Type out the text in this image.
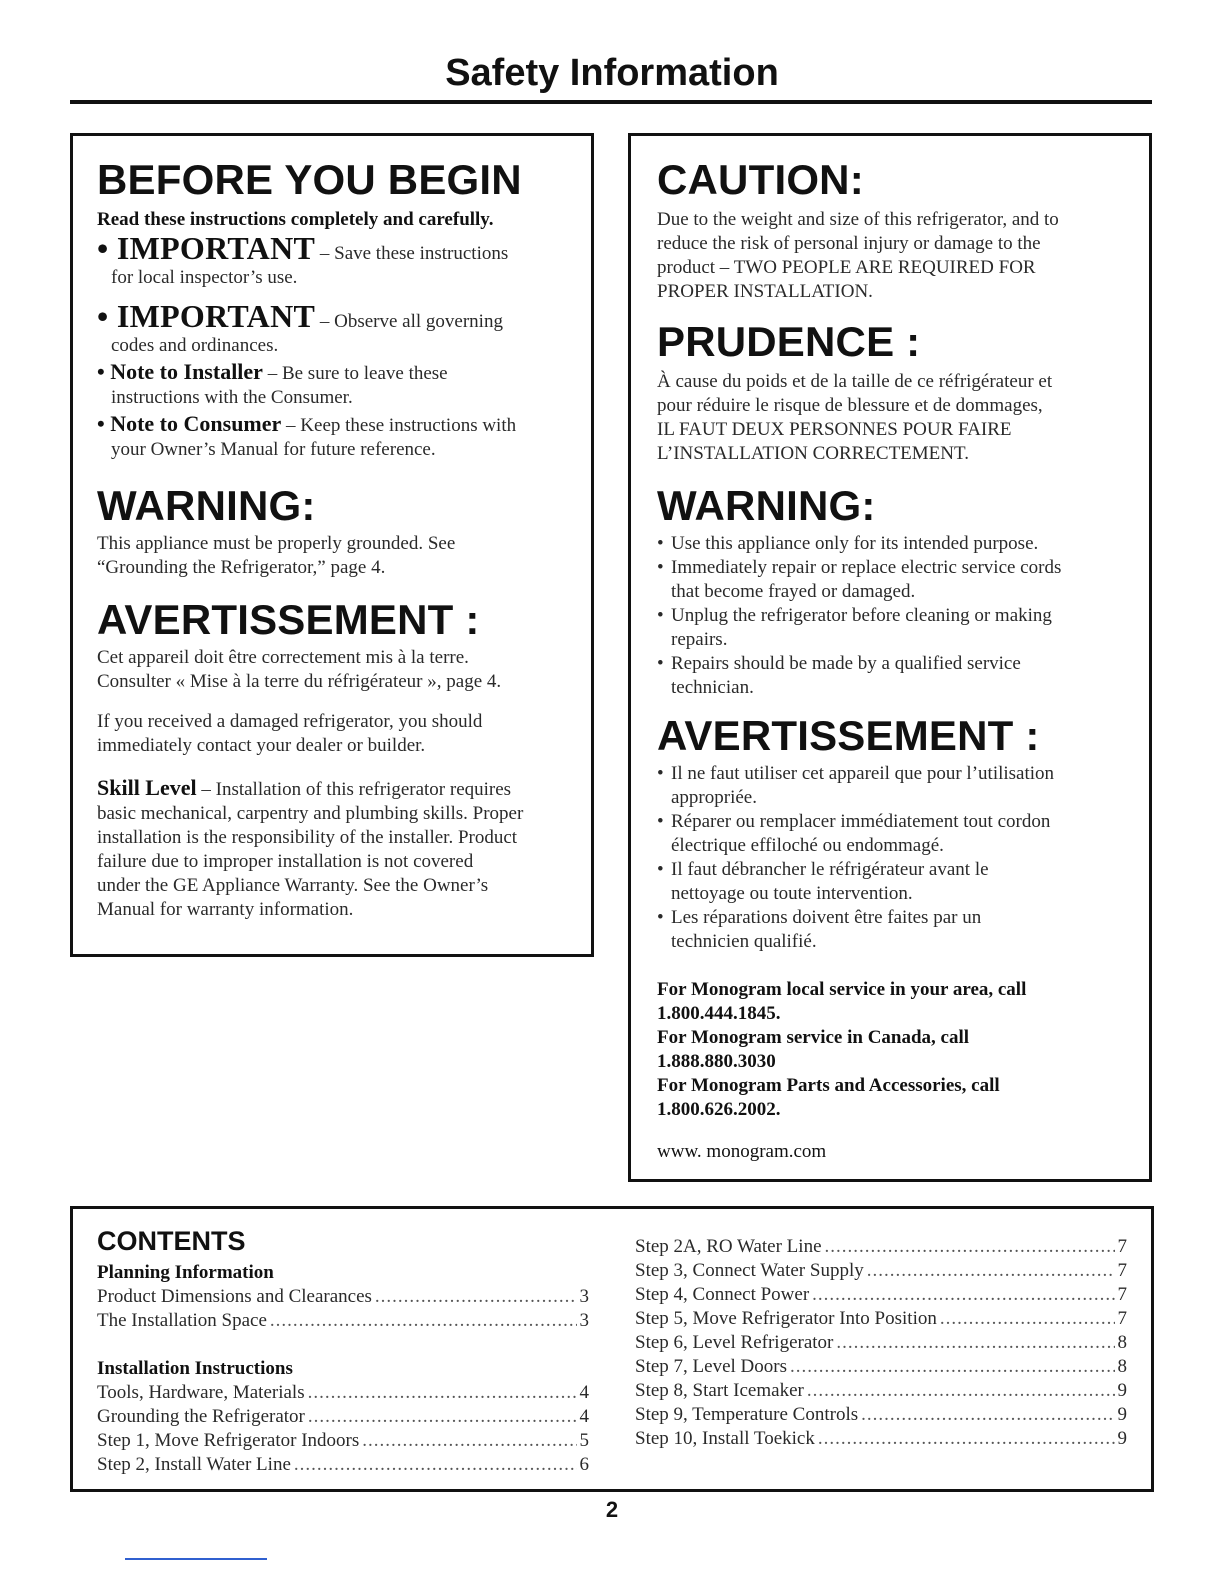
Safety Information
BEFORE YOU BEGIN
Read these instructions completely and carefully.
• IMPORTANT – Save these instructions
for local inspector’s use.
• IMPORTANT – Observe all governing
codes and ordinances.
• Note to Installer – Be sure to leave these
instructions with the Consumer.
• Note to Consumer – Keep these instructions with
your Owner’s Manual for future reference.
WARNING:
This appliance must be properly grounded. See
“Grounding the Refrigerator,” page 4.
AVERTISSEMENT :
Cet appareil doit être correctement mis à la terre.
Consulter « Mise à la terre du réfrigérateur », page 4.
If you received a damaged refrigerator, you should
immediately contact your dealer or builder.
Skill Level – Installation of this refrigerator requires
basic mechanical, carpentry and plumbing skills. Proper
installation is the responsibility of the installer. Product
failure due to improper installation is not covered
under the GE Appliance Warranty. See the Owner’s
Manual for warranty information.
CAUTION:
Due to the weight and size of this refrigerator, and to
reduce the risk of personal injury or damage to the
product – TWO PEOPLE ARE REQUIRED FOR
PROPER INSTALLATION.
PRUDENCE :
À cause du poids et de la taille de ce réfrigérateur et
pour réduire le risque de blessure et de dommages,
IL FAUT DEUX PERSONNES POUR FAIRE
L’INSTALLATION CORRECTEMENT.
WARNING:
• Use this appliance only for its intended purpose.
• Immediately repair or replace electric service cords
that become frayed or damaged.
• Unplug the refrigerator before cleaning or making
repairs.
• Repairs should be made by a qualified service
technician.
AVERTISSEMENT :
• Il ne faut utiliser cet appareil que pour l’utilisation
appropriée.
• Réparer ou remplacer immédiatement tout cordon
électrique effiloché ou endommagé.
• Il faut débrancher le réfrigérateur avant le
nettoyage ou toute intervention.
• Les réparations doivent être faites par un
technicien qualifié.
For Monogram local service in your area, call
1.800.444.1845.
For Monogram service in Canada, call
1.888.880.3030
For Monogram Parts and Accessories, call
1.800.626.2002.
www. monogram.com
CONTENTS
Planning Information
Product Dimensions and Clearances .....	3
The Installation Space .....	3
Installation Instructions
Tools, Hardware, Materials .....	4
Grounding the Refrigerator .....	4
Step 1, Move Refrigerator Indoors .....	5
Step 2, Install Water Line .....	6
Step 2A, RO Water Line .....	7
Step 3, Connect Water Supply .....	7
Step 4, Connect Power .....	7
Step 5, Move Refrigerator Into Position .....	7
Step 6, Level Refrigerator .....	8
Step 7, Level Doors .....	8
Step 8, Start Icemaker .....	9
Step 9, Temperature Controls .....	9
Step 10, Install Toekick .....	9
2
